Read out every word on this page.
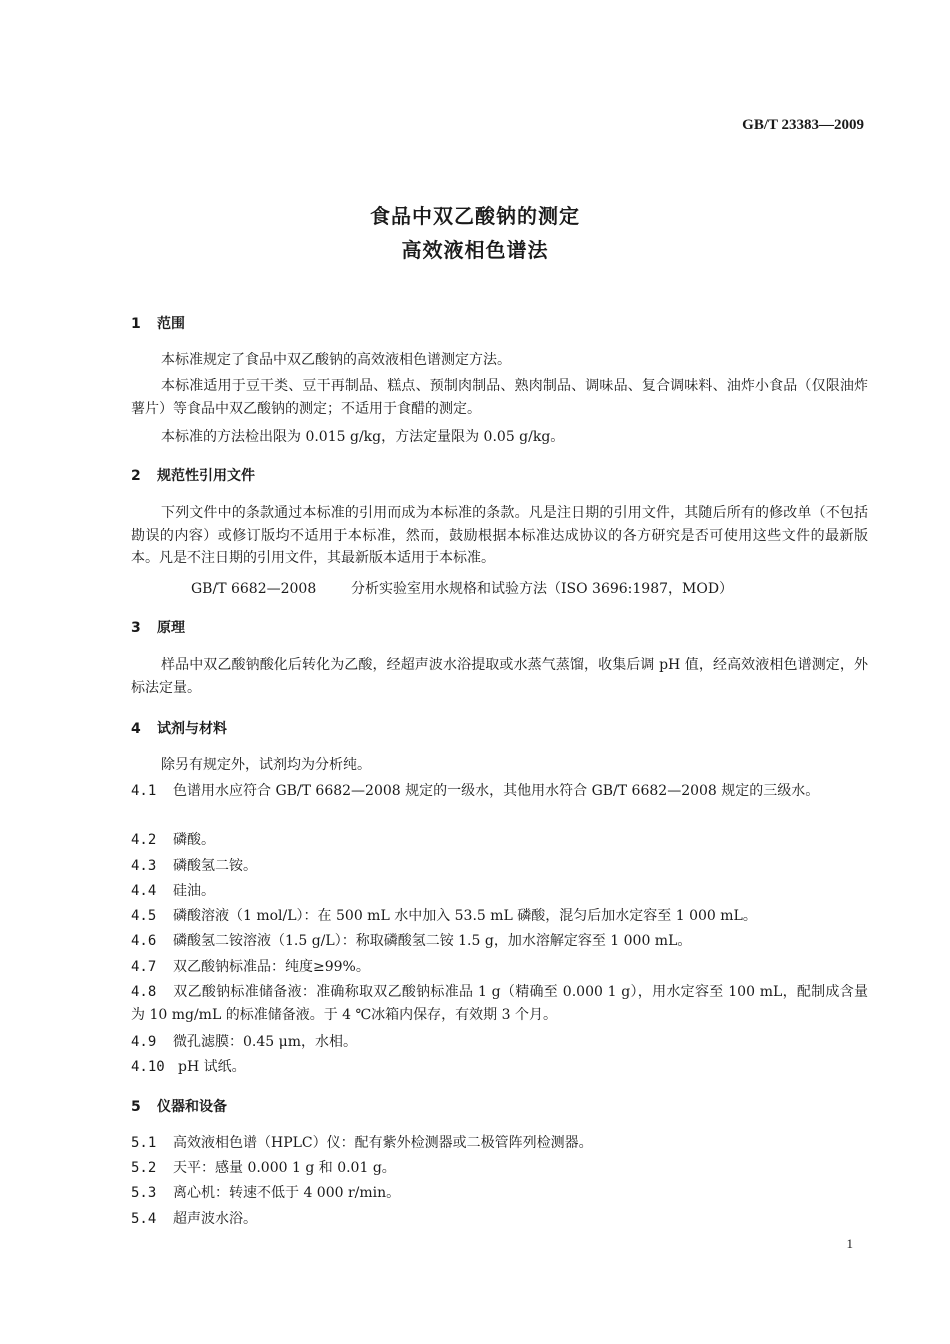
GB/T 23383—2009
食品中双乙酸钠的测定
高效液相色谱法
1 范围
本标准规定了食品中双乙酸钠的高效液相色谱测定方法。
本标准适用于豆干类、豆干再制品、糕点、预制肉制品、熟肉制品、调味品、复合调味料、油炸小食品（仅限油炸薯片）等食品中双乙酸钠的测定；不适用于食醋的测定。
本标准的方法检出限为 0.015 g/kg，方法定量限为 0.05 g/kg。
2 规范性引用文件
下列文件中的条款通过本标准的引用而成为本标准的条款。凡是注日期的引用文件，其随后所有的修改单（不包括勘误的内容）或修订版均不适用于本标准，然而，鼓励根据本标准达成协议的各方研究是否可使用这些文件的最新版本。凡是不注日期的引用文件，其最新版本适用于本标准。
GB/T 6682—2008 分析实验室用水规格和试验方法（ISO 3696:1987，MOD）
3 原理
样品中双乙酸钠酸化后转化为乙酸，经超声波水浴提取或水蒸气蒸馏，收集后调 pH 值，经高效液相色谱测定，外标法定量。
4 试剂与材料
除另有规定外，试剂均为分析纯。
4.1 色谱用水应符合 GB/T 6682—2008 规定的一级水，其他用水符合 GB/T 6682—2008 规定的三级水。
4.2 磷酸。
4.3 磷酸氢二铵。
4.4 硅油。
4.5 磷酸溶液（1 mol/L）：在 500 mL 水中加入 53.5 mL 磷酸，混匀后加水定容至 1 000 mL。
4.6 磷酸氢二铵溶液（1.5 g/L）：称取磷酸氢二铵 1.5 g，加水溶解定容至 1 000 mL。
4.7 双乙酸钠标准品：纯度≥99%。
4.8 双乙酸钠标准储备液：准确称取双乙酸钠标准品 1 g（精确至 0.000 1 g），用水定容至 100 mL，配制成含量为 10 mg/mL 的标准储备液。于 4 ℃冰箱内保存，有效期 3 个月。
4.9 微孔滤膜：0.45 μm，水相。
4.10 pH 试纸。
5 仪器和设备
5.1 高效液相色谱（HPLC）仪：配有紫外检测器或二极管阵列检测器。
5.2 天平：感量 0.000 1 g 和 0.01 g。
5.3 离心机：转速不低于 4 000 r/min。
5.4 超声波水浴。
1
